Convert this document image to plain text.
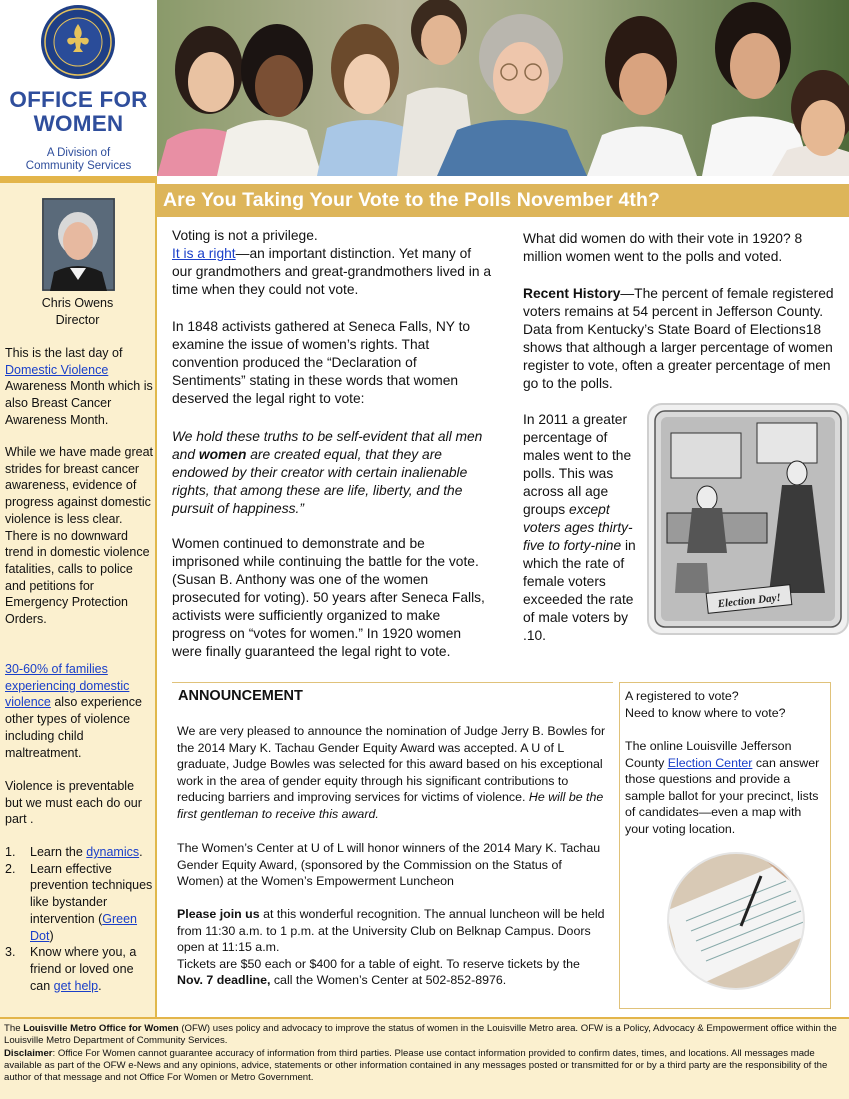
OFFICE FOR
WOMEN
A Division of
Community Services
Chris Owens
Director
This is the last day of Domestic Violence Awareness Month which is also Breast Cancer Awareness Month.
While we have made great strides for breast cancer awareness, evidence of progress against domestic violence is less clear. There is no downward trend in domestic violence fatalities, calls to police and petitions for Emergency Protection Orders.
30-60% of families experiencing domestic violence also experience other types of violence including child maltreatment.
Violence is preventable but we must each do our part .
1. Learn the dynamics.
2. Learn effective prevention techniques like bystander intervention (Green Dot)
3. Know where you, a friend or loved one can get help.
Are You Taking Your Vote to the Polls November 4th?
Voting is not a privilege.
It is a right—an important distinction. Yet many of our grandmothers and great-grandmothers lived in a time when they could not vote.
In 1848 activists gathered at Seneca Falls, NY to examine the issue of women’s rights. That convention produced the “Declaration of Sentiments” stating in these words that women deserved the legal right to vote:
We hold these truths to be self-evident that all men and women are created equal, that they are endowed by their creator with certain inalienable rights, that among these are life, liberty, and the pursuit of happiness.”
Women continued to demonstrate and be imprisoned while continuing the battle for the vote. (Susan B. Anthony was one of the women prosecuted for voting). 50 years after Seneca Falls, activists were sufficiently organized to make progress on “votes for women.” In 1920 women were finally guaranteed the legal right to vote.
What did women do with their vote in 1920? 8 million women went to the polls and voted.
Recent History—The percent of female registered voters remains at 54 percent in Jefferson County. Data from Kentucky’s State Board of Elections18 shows that although a larger percentage of women register to vote, often a greater percentage of men go to the polls.
In 2011 a greater percentage of males went to the polls. This was across all age groups except voters ages thirty-five to forty-nine in which the rate of female voters exceeded the rate of male voters by .10.
Election Day!
ANNOUNCEMENT
We are very pleased to announce the nomination of Judge Jerry B. Bowles for the 2014 Mary K. Tachau Gender Equity Award was accepted. A U of L graduate, Judge Bowles was selected for this award based on his exceptional work in the area of gender equity through his significant contributions to reducing barriers and improving services for victims of violence. He will be the first gentleman to receive this award.
The Women’s Center at U of L will honor winners of the 2014 Mary K. Tachau Gender Equity Award, (sponsored by the Commission on the Status of Women) at the Women’s Empowerment Luncheon
Please join us at this wonderful recognition. The annual luncheon will be held from 11:30 a.m. to 1 p.m. at the University Club on Belknap Campus. Doors open at 11:15 a.m.
Tickets are $50 each or $400 for a table of eight. To reserve tickets by the Nov. 7 deadline, call the Women’s Center at 502-852-8976.
A registered to vote?
Need to know where to vote?
The online Louisville Jefferson County Election Center can answer those questions and provide a sample ballot for your precinct, lists of candidates—even a map with your voting location.
The Louisville Metro Office for Women (OFW) uses policy and advocacy to improve the status of women in the Louisville Metro area. OFW is a Policy, Advocacy & Empowerment office within the Louisville Metro Department of Community Services.
Disclaimer: Office For Women cannot guarantee accuracy of information from third parties. Please use contact information provided to confirm dates, times, and locations. All messages made available as part of the OFW e-News and any opinions, advice, statements or other information contained in any messages posted or transmitted for or by a third party are the responsibility of the author of that message and not Office For Women or Metro Government.
